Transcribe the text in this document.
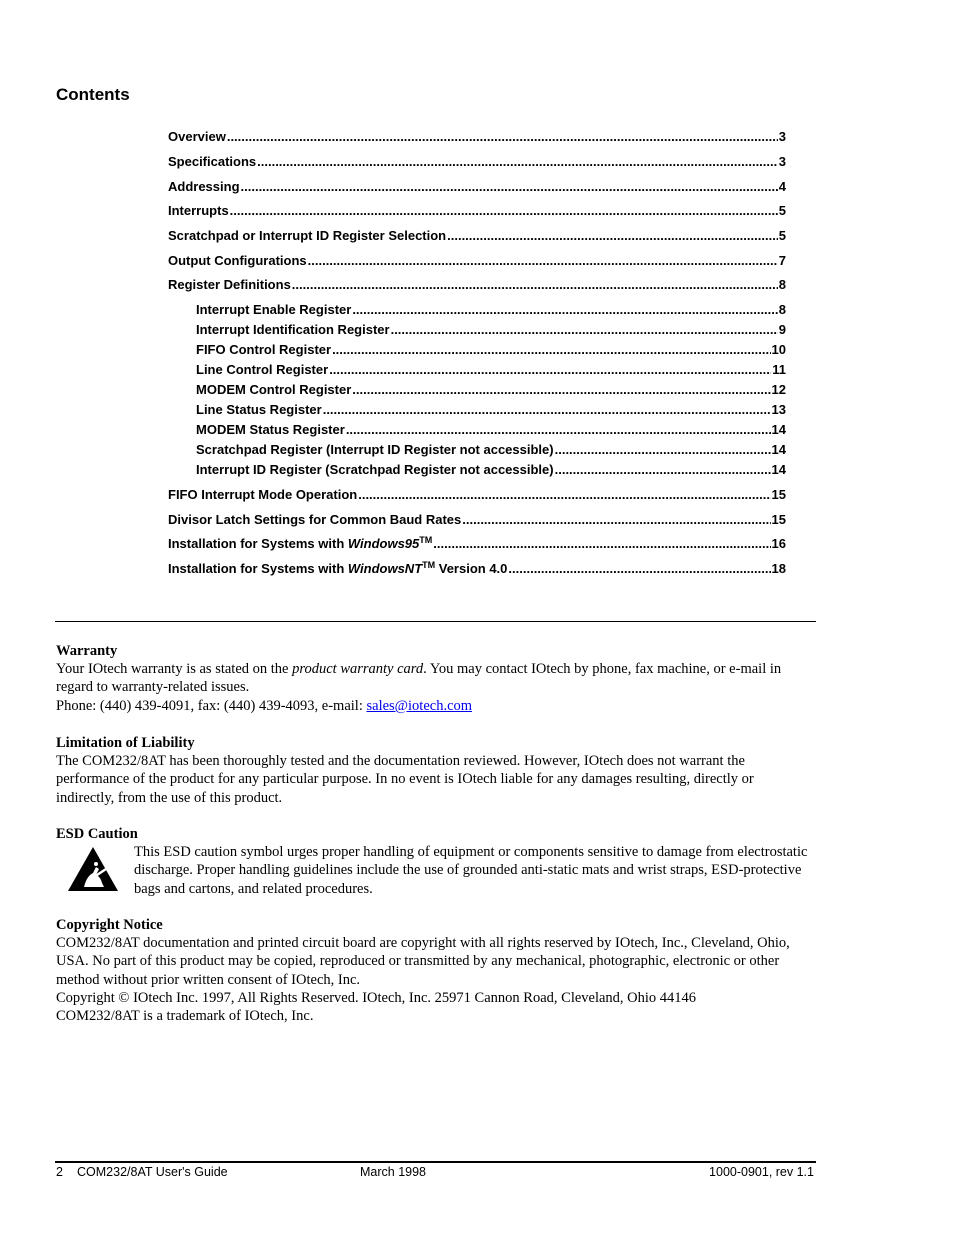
Contents
Overview .....	3
Specifications .....	3
Addressing .....	4
Interrupts .....	5
Scratchpad or Interrupt ID Register Selection .....	5
Output Configurations .....	7
Register Definitions .....	8
Interrupt Enable Register .....	8
Interrupt Identification Register .....	9
FIFO Control Register .....	10
Line Control Register .....	11
MODEM Control Register .....	12
Line Status Register .....	13
MODEM Status Register .....	14
Scratchpad Register (Interrupt ID Register not accessible) .....	14
Interrupt ID Register (Scratchpad Register not accessible) .....	14
FIFO Interrupt Mode Operation .....	15
Divisor Latch Settings for Common Baud Rates .....	15
Installation for Systems with Windows95™ .....	16
Installation for Systems with WindowsNT™ Version 4.0 .....	18
Warranty

Your IOtech warranty is as stated on the product warranty card. You may contact IOtech by phone, fax machine, or e-mail in regard to warranty-related issues.

Phone: (440) 439-4091, fax: (440) 439-4093, e-mail: sales@iotech.com

Limitation of Liability

The COM232/8AT has been thoroughly tested and the documentation reviewed. However, IOtech does not warrant the performance of the product for any particular purpose. In no event is IOtech liable for any damages resulting, directly or indirectly, from the use of this product.

ESD Caution
This ESD caution symbol urges proper handling of equipment or components sensitive to damage from electrostatic discharge. Proper handling guidelines include the use of grounded anti-static mats and wrist straps, ESD-protective bags and cartons, and related procedures.
Copyright Notice

COM232/8AT documentation and printed circuit board are copyright with all rights reserved by IOtech, Inc., Cleveland, Ohio, USA. No part of this product may be copied, reproduced or transmitted by any mechanical, photographic, electronic or other method without prior written consent of IOtech, Inc.

Copyright © IOtech Inc. 1997, All Rights Reserved. IOtech, Inc. 25971 Cannon Road, Cleveland, Ohio 44146

COM232/8AT is a trademark of IOtech, Inc.

2 COM232/8AT User's Guide	March 1998	1000-0901, rev 1.1
